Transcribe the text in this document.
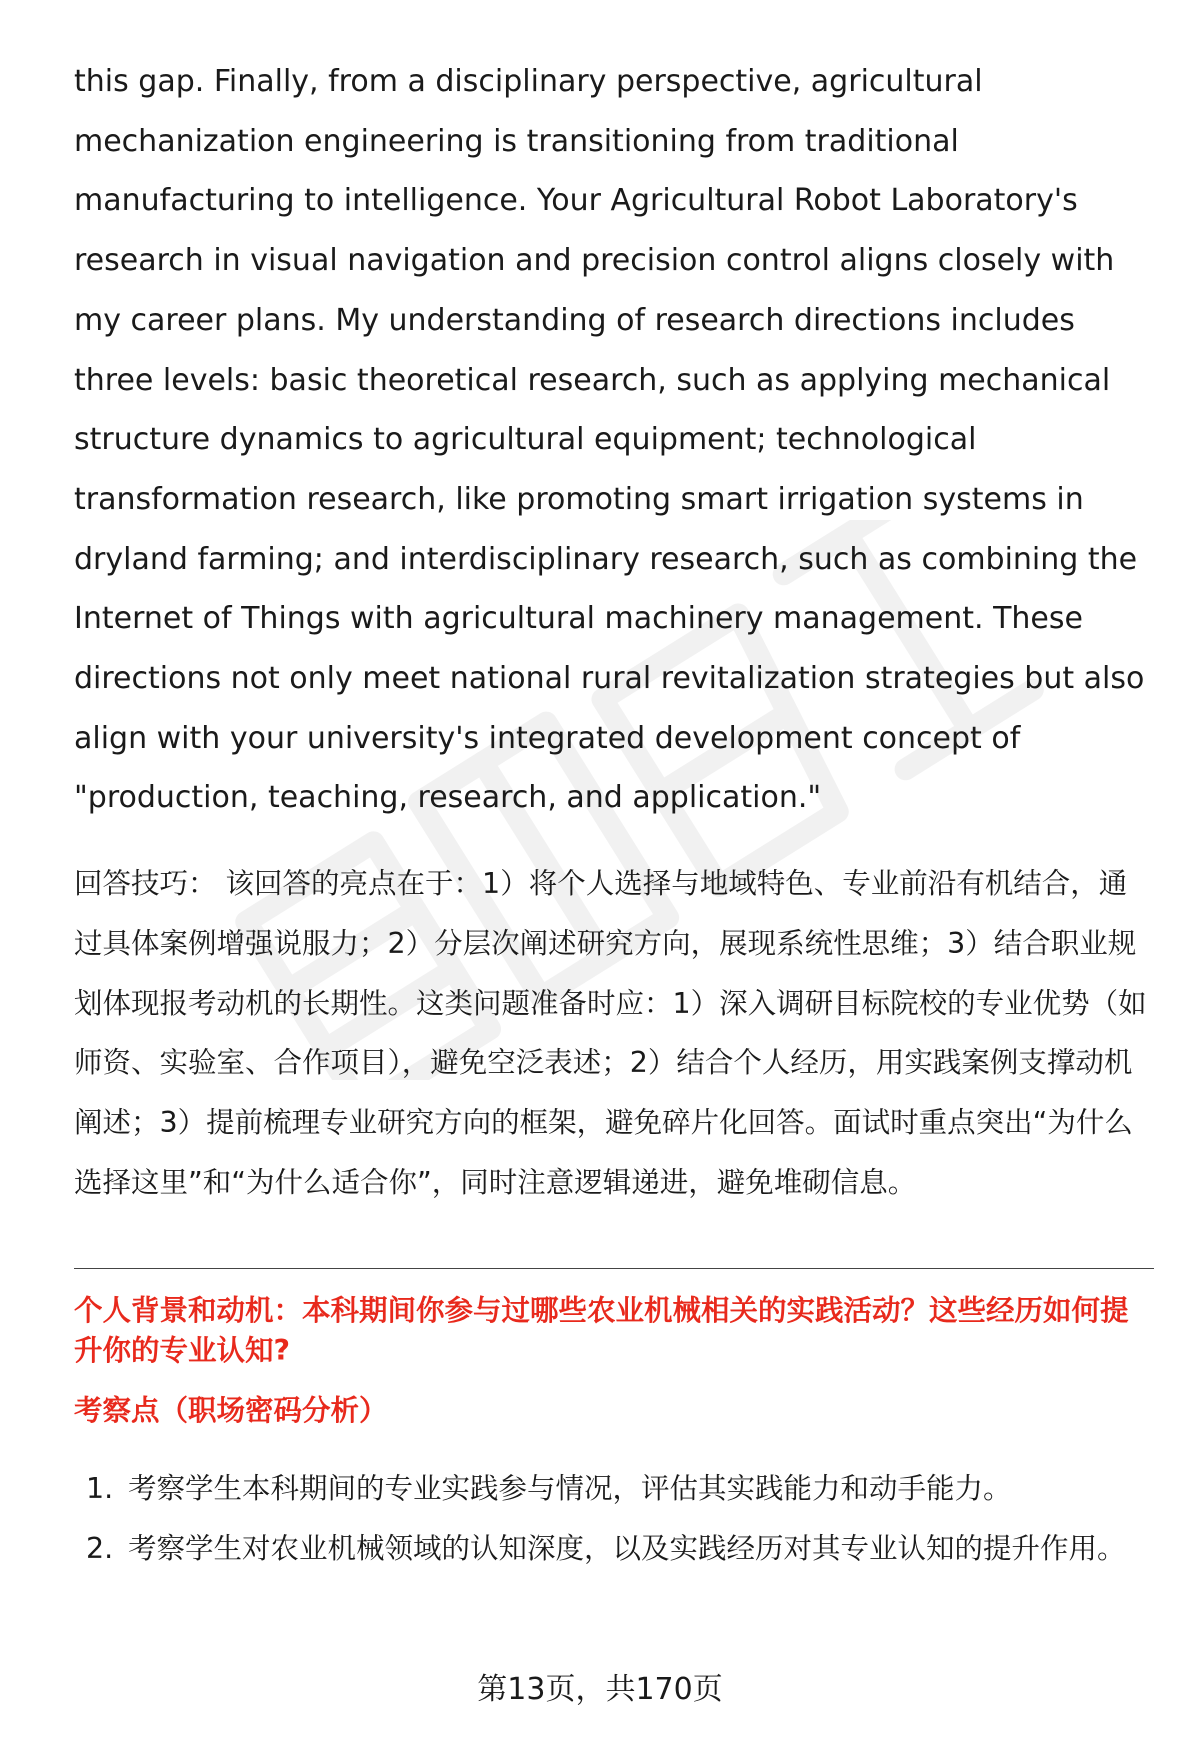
this gap. Finally, from a disciplinary perspective, agricultural mechanization engineering is transitioning from traditional manufacturing to intelligence. Your Agricultural Robot Laboratory's research in visual navigation and precision control aligns closely with my career plans. My understanding of research directions includes three levels: basic theoretical research, such as applying mechanical structure dynamics to agricultural equipment; technological transformation research, like promoting smart irrigation systems in dryland farming; and interdisciplinary research, such as combining the Internet of Things with agricultural machinery management. These directions not only meet national rural revitalization strategies but also align with your university's integrated development concept of "production, teaching, research, and application."

回答技巧： 该回答的亮点在于：1）将个人选择与地域特色、专业前沿有机结合，通过具体案例增强说服力；2）分层次阐述研究方向，展现系统性思维；3）结合职业规划体现报考动机的长期性。这类问题准备时应：1）深入调研目标院校的专业优势（如师资、实验室、合作项目），避免空泛表述；2）结合个人经历，用实践案例支撑动机阐述；3）提前梳理专业研究方向的框架，避免碎片化回答。面试时重点突出“为什么选择这里”和“为什么适合你”，同时注意逻辑递进，避免堆砌信息。

个人背景和动机：本科期间你参与过哪些农业机械相关的实践活动？这些经历如何提升你的专业认知?
考察点（职场密码分析）
1. 考察学生本科期间的专业实践参与情况，评估其实践能力和动手能力。
2. 考察学生对农业机械领域的认知深度，以及实践经历对其专业认知的提升作用。
第13页，共170页
